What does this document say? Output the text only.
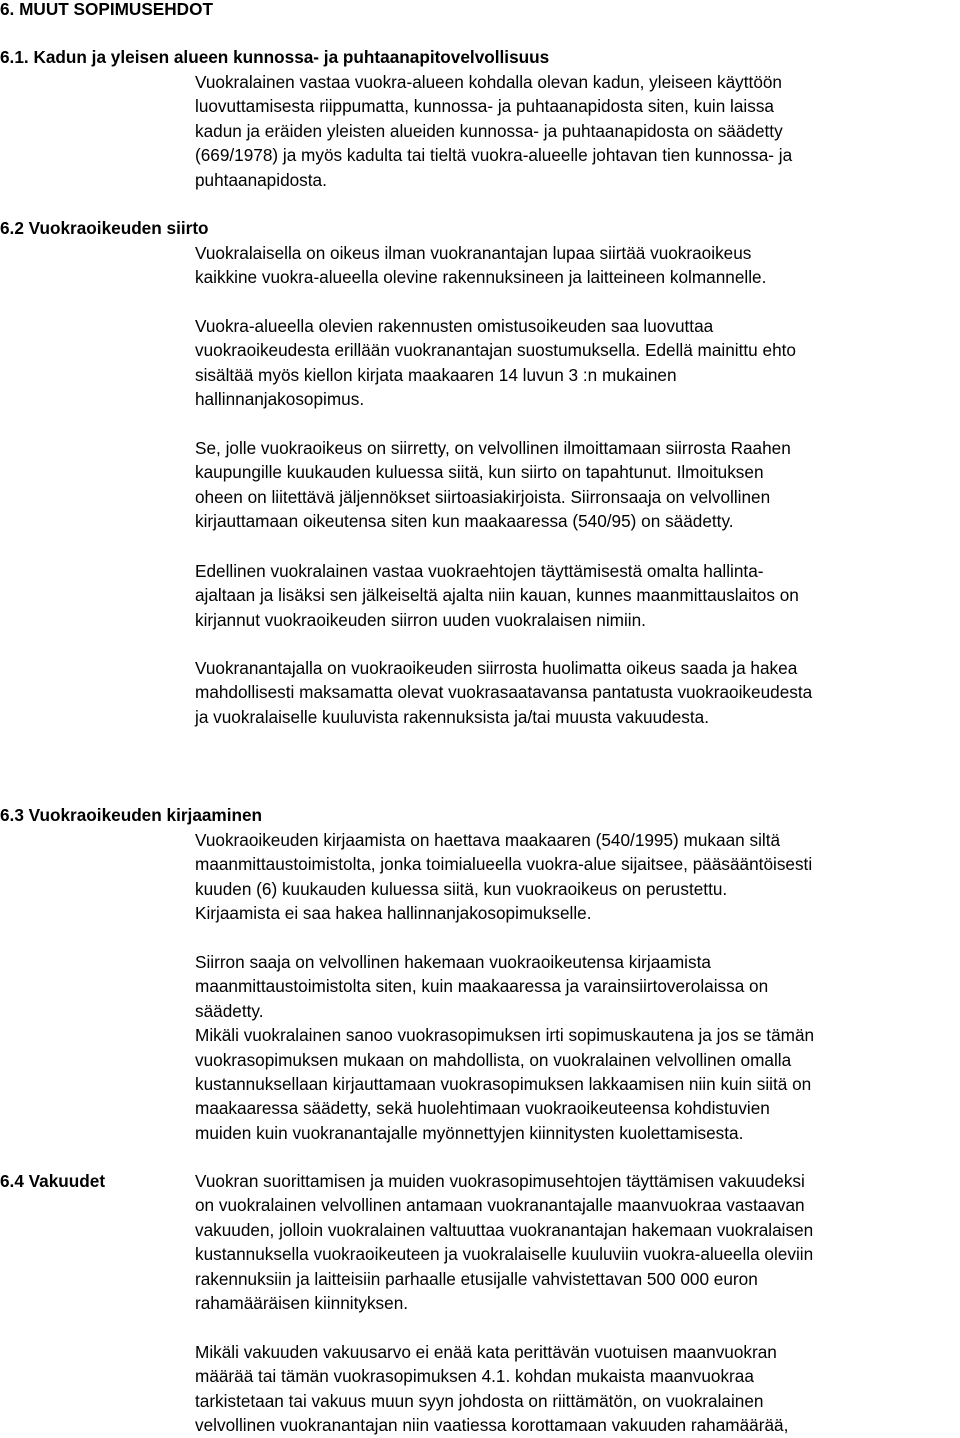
6. MUUT SOPIMUSEHDOT
6.1. Kadun ja yleisen alueen kunnossa- ja puhtaanapitovelvollisuus
Vuokralainen vastaa vuokra-alueen kohdalla olevan kadun, yleiseen käyttöön
luovuttamisesta riippumatta, kunnossa- ja puhtaanapidosta siten, kuin laissa
kadun ja eräiden yleisten alueiden kunnossa- ja puhtaanapidosta on säädetty
(669/1978) ja myös kadulta tai tieltä vuokra-alueelle johtavan tien kunnossa- ja
puhtaanapidosta.
6.2 Vuokraoikeuden siirto
Vuokralaisella on oikeus ilman vuokranantajan lupaa siirtää vuokraoikeus
kaikkine vuokra-alueella olevine rakennuksineen ja laitteineen kolmannelle.
Vuokra-alueella olevien rakennusten omistusoikeuden saa luovuttaa
vuokraoikeudesta erillään vuokranantajan suostumuksella. Edellä mainittu ehto
sisältää myös kiellon kirjata maakaaren 14 luvun 3 :n mukainen
hallinnanjakosopimus.
Se, jolle vuokraoikeus on siirretty, on velvollinen ilmoittamaan siirrosta Raahen
kaupungille kuukauden kuluessa siitä, kun siirto on tapahtunut. Ilmoituksen
oheen on liitettävä jäljennökset siirtoasiakirjoista. Siirronsaaja on velvollinen
kirjauttamaan oikeutensa siten kun maakaaressa (540/95) on säädetty.
Edellinen vuokralainen vastaa vuokraehtojen täyttämisestä omalta hallinta-
ajaltaan ja lisäksi sen jälkeiseltä ajalta niin kauan, kunnes maanmittauslaitos on
kirjannut vuokraoikeuden siirron uuden vuokralaisen nimiin.
Vuokranantajalla on vuokraoikeuden siirrosta huolimatta oikeus saada ja hakea
mahdollisesti maksamatta olevat vuokrasaatavansa pantatusta vuokraoikeudesta
ja vuokralaiselle kuuluvista rakennuksista ja/tai muusta vakuudesta.
6.3 Vuokraoikeuden kirjaaminen
Vuokraoikeuden kirjaamista on haettava maakaaren (540/1995) mukaan siltä
maanmittaustoimistolta, jonka toimialueella vuokra-alue sijaitsee, pääsääntöisesti
kuuden (6) kuukauden kuluessa siitä, kun vuokraoikeus on perustettu.
Kirjaamista ei saa hakea hallinnanjakosopimukselle.
Siirron saaja on velvollinen hakemaan vuokraoikeutensa kirjaamista
maanmittaustoimistolta siten, kuin maakaaressa ja varainsiirtoverolaissa on
säädetty.
Mikäli vuokralainen sanoo vuokrasopimuksen irti sopimuskautena ja jos se tämän
vuokrasopimuksen mukaan on mahdollista, on vuokralainen velvollinen omalla
kustannuksellaan kirjauttamaan vuokrasopimuksen lakkaamisen niin kuin siitä on
maakaaressa säädetty, sekä huolehtimaan vuokraoikeuteensa kohdistuvien
muiden kuin vuokranantajalle myönnettyjen kiinnitysten kuolettamisesta.
6.4 Vakuudet	Vuokran suorittamisen ja muiden vuokrasopimusehtojen täyttämisen vakuudeksi
on vuokralainen velvollinen antamaan vuokranantajalle maanvuokraa vastaavan
vakuuden, jolloin vuokralainen valtuuttaa vuokranantajan hakemaan vuokralaisen
kustannuksella vuokraoikeuteen ja vuokralaiselle kuuluviin vuokra-alueella oleviin
rakennuksiin ja laitteisiin parhaalle etusijalle vahvistettavan 500 000 euron
rahamääräisen kiinnityksen.
Mikäli vakuuden vakuusarvo ei enää kata perittävän vuotuisen maanvuokran
määrää tai tämän vuokrasopimuksen 4.1. kohdan mukaista maanvuokraa
tarkistetaan tai vakuus muun syyn johdosta on riittämätön, on vuokralainen
velvollinen vuokranantajan niin vaatiessa korottamaan vakuuden rahamäärää,
